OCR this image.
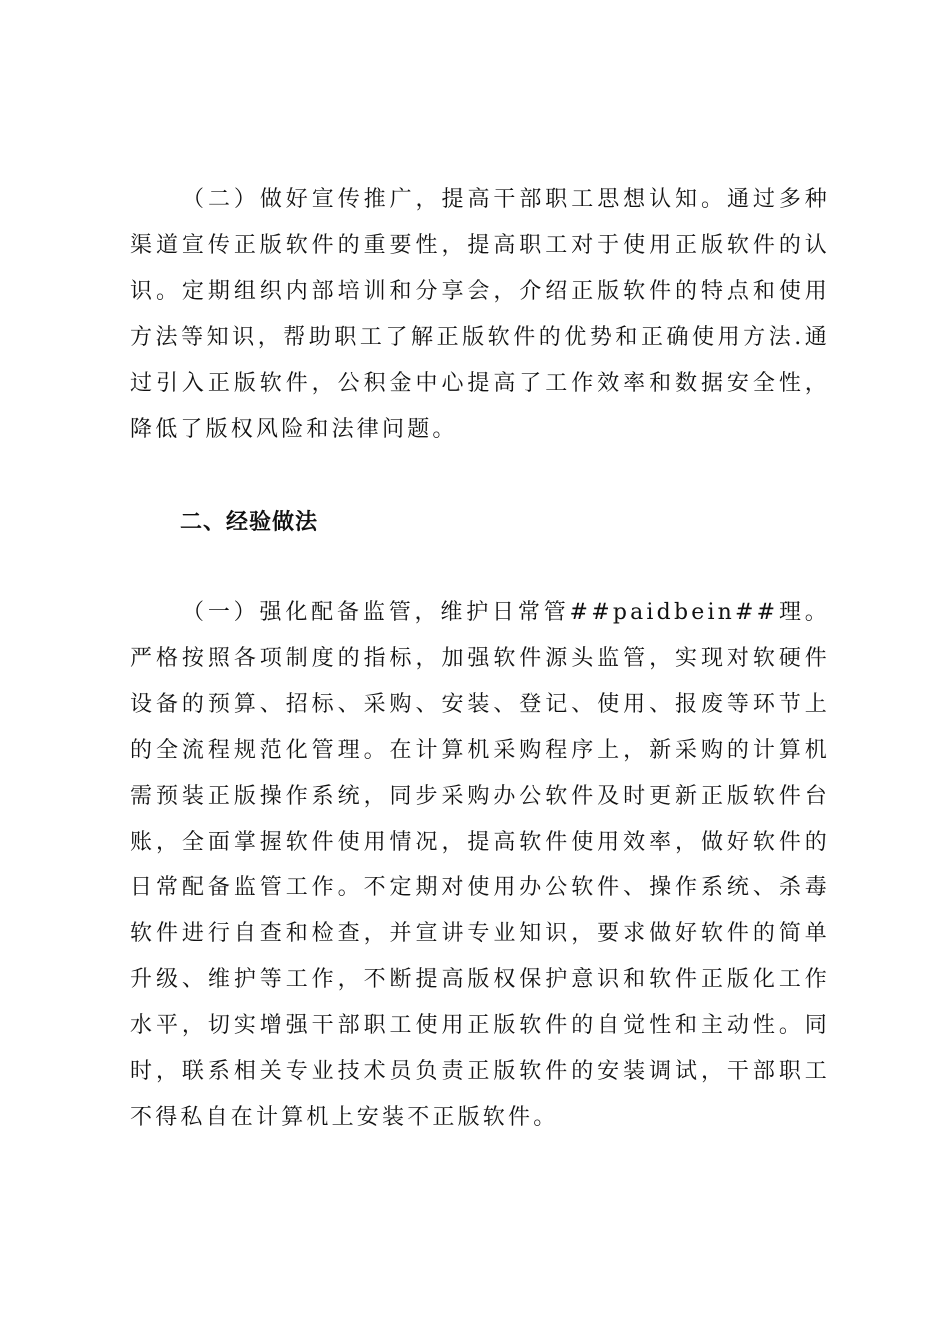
（二）做好宣传推广，提高干部职工思想认知。通过多种渠道宣传正版软件的重要性，提高职工对于使用正版软件的认识。定期组织内部培训和分享会，介绍正版软件的特点和使用方法等知识，帮助职工了解正版软件的优势和正确使用方法.通过引入正版软件，公积金中心提高了工作效率和数据安全性，降低了版权风险和法律问题。

二、经验做法

（一）强化配备监管，维护日常管##paidbein##理。严格按照各项制度的指标，加强软件源头监管，实现对软硬件设备的预算、招标、采购、安装、登记、使用、报废等环节上的全流程规范化管理。在计算机采购程序上，新采购的计算机需预装正版操作系统，同步采购办公软件及时更新正版软件台账，全面掌握软件使用情况，提高软件使用效率，做好软件的日常配备监管工作。不定期对使用办公软件、操作系统、杀毒软件进行自查和检查，并宣讲专业知识，要求做好软件的简单升级、维护等工作，不断提高版权保护意识和软件正版化工作水平，切实增强干部职工使用正版软件的自觉性和主动性。同时，联系相关专业技术员负责正版软件的安装调试，干部职工不得私自在计算机上安装不正版软件。
